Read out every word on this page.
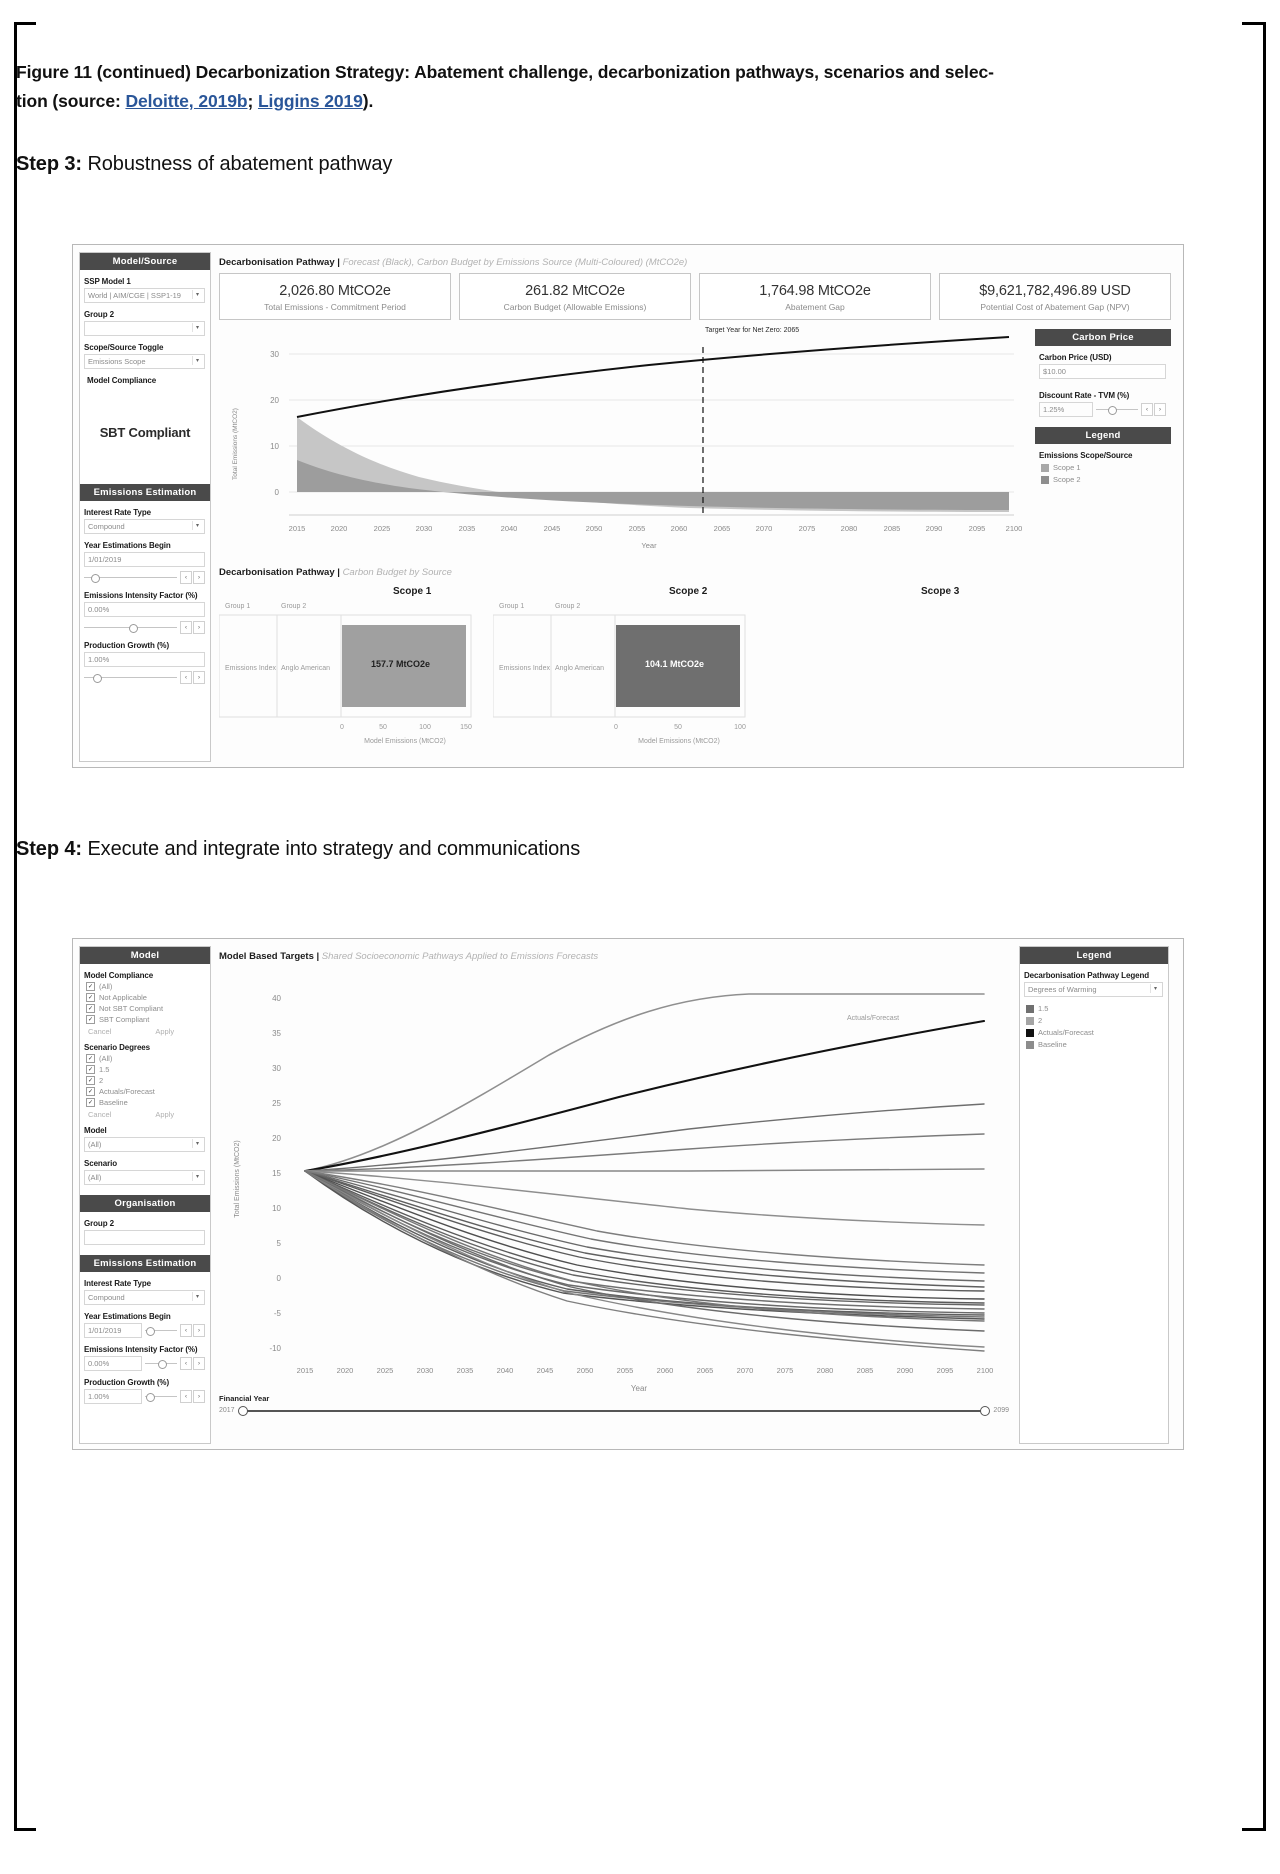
Figure 11 (continued) Decarbonization Strategy: Abatement challenge, decarbonization pathways, scenarios and selec-
tion (source: Deloitte, 2019b; Liggins 2019).
Step 3: Robustness of abatement pathway
Step 4: Execute and integrate into strategy and communications
Model/Source
SSP Model 1
World | AIM/CGE | SSP1-19	▾
Group 2
▾
Scope/Source Toggle
Emissions Scope	▾
Model Compliance
SBT Compliant
Emissions Estimation
Interest Rate Type
Compound	▾
Year Estimations Begin
1/01/2019
‹	›
Emissions Intensity Factor (%)
0.00%
‹	›
Production Growth (%)
1.00%
‹	›
Decarbonisation Pathway | Forecast (Black), Carbon Budget by Emissions Source (Multi-Coloured) (MtCO2e)
2,026.80 MtCO2e
Total Emissions - Commitment Period
261.82 MtCO2e
Carbon Budget (Allowable Emissions)
1,764.98 MtCO2e
Abatement Gap
$9,621,782,496.89 USD
Potential Cost of Abatement Gap (NPV)
30
20
10
0
2015	2020	2025	2030	2035	2040	2045	2050	2055	2060	2065	2070	2075	2080	2085	2090	2095	2100
Year
Total Emissions (MtCO2)
Target Year for Net Zero: 2065
Carbon Price
Carbon Price (USD)
$10.00
Discount Rate - TVM (%)
1.25%	‹	›
Legend
Emissions Scope/Source
Scope 1
Scope 2
Decarbonisation Pathway | Carbon Budget by Source
Scope 1	Scope 2	Scope 3
Group 1	Group 2
Emissions Index Anglo American
0	50	100	150
Model Emissions (MtCO2)
157.7 MtCO2e
Group 1	Group 2
Emissions Index Anglo American
0	50	100
Model Emissions (MtCO2)
104.1 MtCO2e
Model
Model Compliance
✓ (All)
✓ Not Applicable
✓ Not SBT Compliant
✓ SBT Compliant
Cancel	Apply
Scenario Degrees
✓ (All)
✓ 1.5
✓ 2
✓ Actuals/Forecast
✓ Baseline
Cancel	Apply
Model
(All)	▾
Scenario
(All)	▾
Organisation
Group 2
Emissions Estimation
Interest Rate Type
Compound	▾
Year Estimations Begin
1/01/2019	‹	›
Emissions Intensity Factor (%)
0.00%	‹	›
Production Growth (%)
1.00%	‹	›
Model Based Targets | Shared Socioeconomic Pathways Applied to Emissions Forecasts
40
35
30
25
20
15
10
5
0
-5
-10
Total Emissions (MtCO2)
2015	2020	2025	2030	2035	2040	2045	2050	2055	2060	2065	2070	2075	2080	2085	2090	2095	2100
Year
Actuals/Forecast
Financial Year
2017	2099
Legend
Decarbonisation Pathway Legend
Degrees of Warming	▾
1.5
2
Actuals/Forecast
Baseline
